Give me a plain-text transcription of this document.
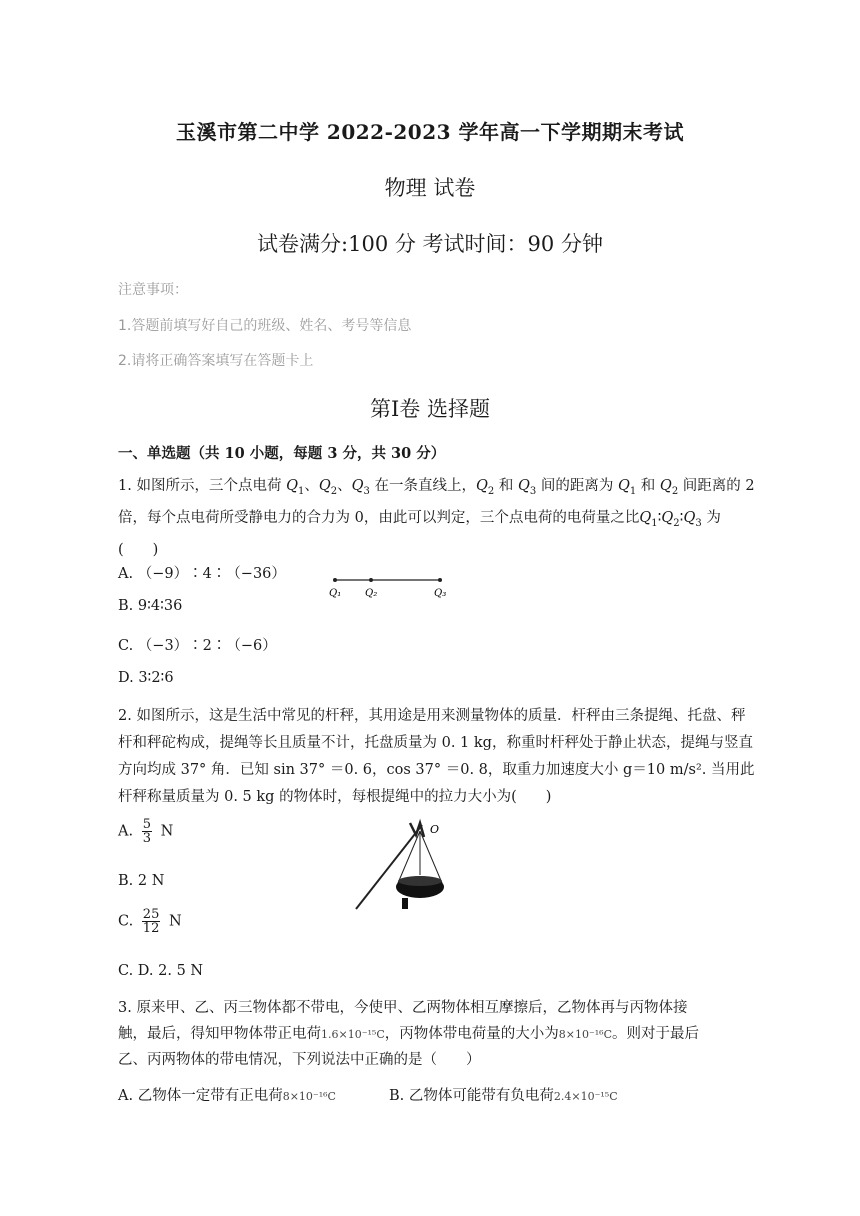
玉溪市第二中学 2022-2023 学年高一下学期期末考试
物理 试卷
试卷满分:100 分 考试时间：90 分钟
注意事项：
1.答题前填写好自己的班级、姓名、考号等信息
2.请将正确答案填写在答题卡上
第Ⅰ卷 选择题
一、单选题（共 10 小题，每题 3 分，共 30 分）
1. 如图所示，三个点电荷 $Q_1$、$Q_2$、$Q_3$ 在一条直线上，$Q_2$ 和 $Q_3$ 间的距离为 $Q_1$ 和 $Q_2$ 间距离的 2 倍，每个点电荷所受静电力的合力为 0，由此可以判定，三个点电荷的电荷量之比$Q_1∶Q_2∶Q_3$ 为(　　)
A. （−9）∶4∶（−36）
B. 9∶4∶36
C. （−3）∶2∶（−6）
D. 3∶2∶6
Q₁ Q₂	Q₃
2. 如图所示，这是生活中常见的杆秤，其用途是用来测量物体的质量．杆秤由三条提绳、托盘、秤杆和秤砣构成，提绳等长且质量不计，托盘质量为 0. 1 kg，称重时杆秤处于静止状态，提绳与竖直方向均成 37° 角．已知 sin 37° ＝0. 6，cos 37° ＝0. 8，取重力加速度大小 g＝10 m/s². 当用此杆秤称量质量为 0. 5 kg 的物体时，每根提绳中的拉力大小为(　　)
A. $\frac{5}{3}$ N
B. 2 N
C. $\frac{25}{12}$ N
C. D. 2. 5 N
O
3. 原来甲、乙、丙三物体都不带电，今使甲、乙两物体相互摩擦后，乙物体再与丙物体接
触，最后，得知甲物体带正电荷1.6×10⁻¹⁵C，丙物体带电荷量的大小为8×10⁻¹⁶C。则对于最后
乙、丙两物体的带电情况，下列说法中正确的是（　　）
A. 乙物体一定带有正电荷8×10⁻¹⁶C	B. 乙物体可能带有负电荷2.4×10⁻¹⁵C
